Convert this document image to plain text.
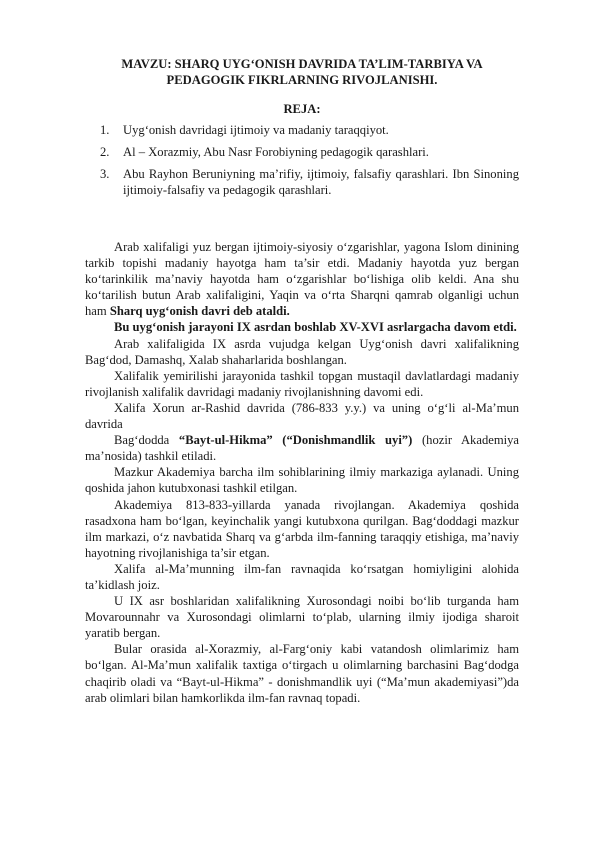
MAVZU: SHARQ UYG‘ONISH DAVRIDA TA’LIM-TARBIYA VA
PEDAGOGIK FIKRLARNING RIVOJLANISHI.
REJA:
1. Uyg‘onish davridagi ijtimoiy va madaniy taraqqiyot.
2. Al – Xorazmiy, Abu Nasr Forobiyning pedagogik qarashlari.
3. Abu Rayhon Beruniyning ma’rifiy, ijtimoiy, falsafiy qarashlari. Ibn Sinoning ijtimoiy-falsafiy va pedagogik qarashlari.

Arab xalifaligi yuz bergan ijtimoiy-siyosiy o‘zgarishlar, yagona Islom dinining tarkib topishi madaniy hayotga ham ta’sir etdi. Madaniy hayotda yuz bergan ko‘tarinkilik ma’naviy hayotda ham o‘zgarishlar bo‘lishiga olib keldi. Ana shu ko‘tarilish butun Arab xalifaligini, Yaqin va o‘rta Sharqni qamrab olganligi uchun ham Sharq uyg‘onish davri deb ataldi.

Bu uyg‘onish jarayoni IX asrdan boshlab XV-XVI asrlargacha davom etdi.

Arab xalifaligida IX asrda vujudga kelgan Uyg‘onish davri xalifalikning Bag‘dod, Damashq, Xalab shaharlarida boshlangan.

Xalifalik yemirilishi jarayonida tashkil topgan mustaqil davlatlardagi madaniy rivojlanish xalifalik davridagi madaniy rivojlanishning davomi edi.

Xalifa Xorun ar-Rashid davrida (786-833 y.y.) va uning o‘g‘li al-Ma’mun davrida

Bag‘dodda “Bayt-ul-Hikma” (“Donishmandlik uyi”) (hozir Akademiya ma’nosida) tashkil etiladi.

Mazkur Akademiya barcha ilm sohiblarining ilmiy markaziga aylanadi. Uning qoshida jahon kutubxonasi tashkil etilgan.

Akademiya 813-833-yillarda yanada rivojlangan. Akademiya qoshida rasadxona ham bo‘lgan, keyinchalik yangi kutubxona qurilgan. Bag‘doddagi mazkur ilm markazi, o‘z navbatida Sharq va g‘arbda ilm-fanning taraqqiy etishiga, ma’naviy hayotning rivojlanishiga ta’sir etgan.

Xalifa al-Ma’munning ilm-fan ravnaqida ko‘rsatgan homiyligini alohida ta’kidlash joiz.

U IX asr boshlaridan xalifalikning Xurosondagi noibi bo‘lib turganda ham Movarounnahr va Xurosondagi olimlarni to‘plab, ularning ilmiy ijodiga sharoit yaratib bergan.

Bular orasida al-Xorazmiy, al-Farg‘oniy kabi vatandosh olimlarimiz ham bo‘lgan. Al-Ma’mun xalifalik taxtiga o‘tirgach u olimlarning barchasini Bag‘dodga chaqirib oladi va “Bayt-ul-Hikma” - donishmandlik uyi (“Ma’mun akademiyasi”)da arab olimlari bilan hamkorlikda ilm-fan ravnaq topadi.
